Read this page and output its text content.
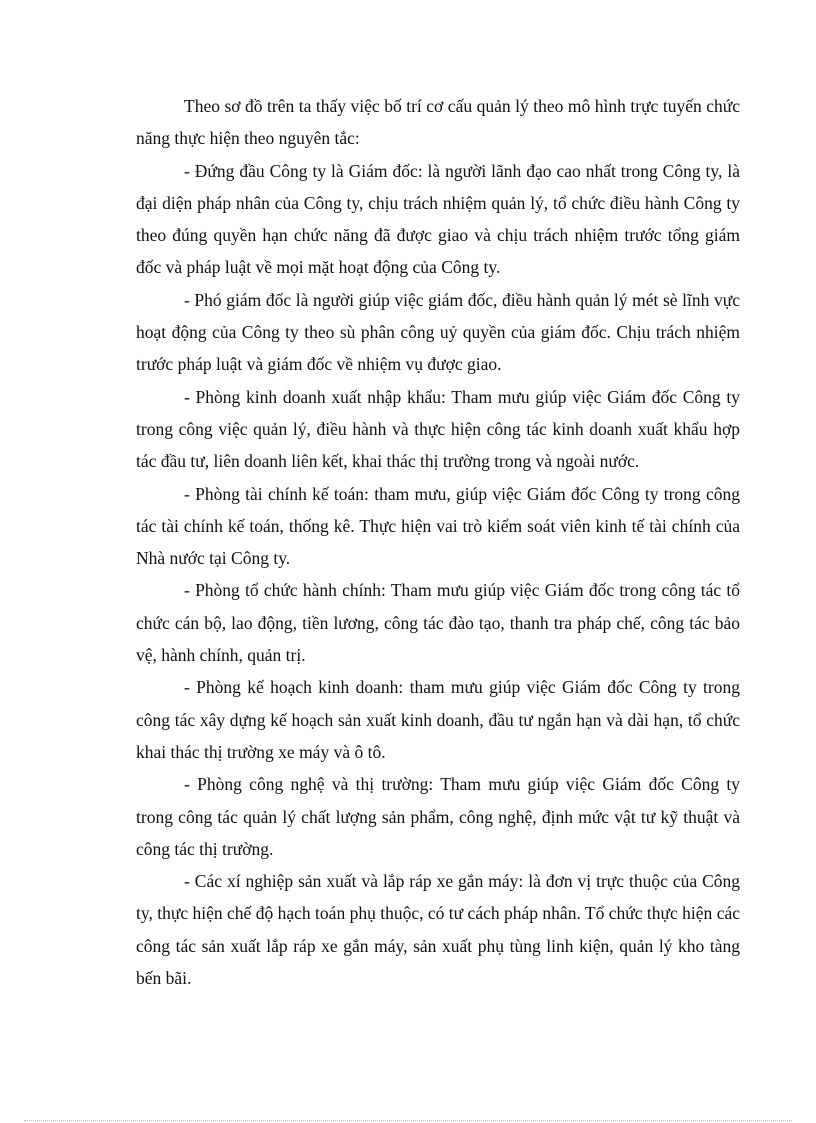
Theo sơ đồ trên ta thấy việc bố trí cơ cấu quản lý theo mô hình trực tuyến chức năng thực hiện theo nguyên tắc:

- Đứng đầu Công ty là Giám đốc: là người lãnh đạo cao nhất trong Công ty, là đại diện pháp nhân của Công ty, chịu trách nhiệm quản lý, tổ chức điều hành Công ty theo đúng quyền hạn chức năng đã được giao và chịu trách nhiệm trước tổng giám đốc và pháp luật về mọi mặt hoạt động của Công ty.

- Phó giám đốc là người giúp việc giám đốc, điều hành quản lý mét sè lĩnh vực hoạt động của Công ty theo sù phân công uỷ quyền của giám đốc. Chịu trách nhiệm trước pháp luật và giám đốc về nhiệm vụ được giao.

- Phòng kinh doanh xuất nhập khẩu: Tham mưu giúp việc Giám đốc Công ty trong công việc quản lý, điều hành và thực hiện công tác kinh doanh xuất khẩu hợp tác đầu tư, liên doanh liên kết, khai thác thị trường trong và ngoài nước.

- Phòng tài chính kế toán: tham mưu, giúp việc Giám đốc Công ty trong công tác tài chính kế toán, thống kê. Thực hiện vai trò kiểm soát viên kinh tế tài chính của Nhà nước tại Công ty.

- Phòng tổ chức hành chính: Tham mưu giúp việc Giám đốc trong công tác tổ chức cán bộ, lao động, tiền lương, công tác đào tạo, thanh tra pháp chế, công tác bảo vệ, hành chính, quản trị.

- Phòng kế hoạch kinh doanh: tham mưu giúp việc Giám đốc Công ty trong công tác xây dựng kế hoạch sản xuất kinh doanh, đầu tư ngắn hạn và dài hạn, tổ chức khai thác thị trường xe máy và ô tô.

- Phòng công nghệ và thị trường: Tham mưu giúp việc Giám đốc Công ty trong công tác quản lý chất lượng sản phẩm, công nghệ, định mức vật tư kỹ thuật và công tác thị trường.

- Các xí nghiệp sản xuất và lắp ráp xe gắn máy: là đơn vị trực thuộc của Công ty, thực hiện chế độ hạch toán phụ thuộc, có tư cách pháp nhân. Tổ chức thực hiện các công tác sản xuất lắp ráp xe gắn máy, sản xuất phụ tùng linh kiện, quản lý kho tàng bến bãi.
